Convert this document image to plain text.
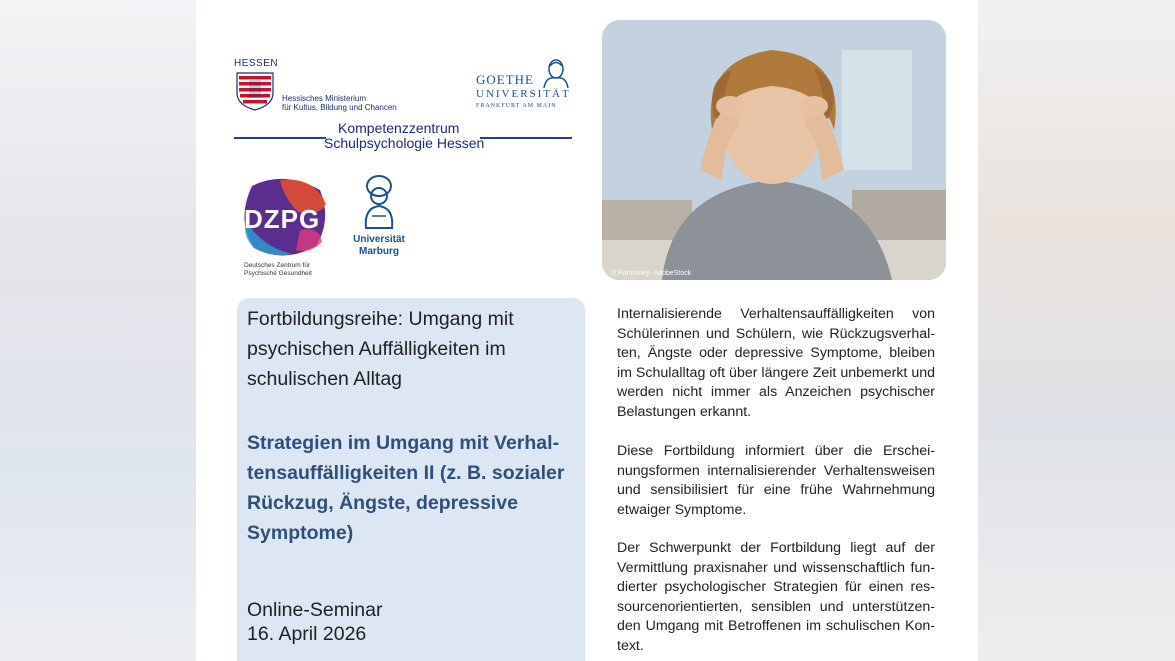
HESSEN
Hessisches Ministerium
für Kultus, Bildung und Chancen
GOETHE
UNIVERSITÄT
FRANKFURT AM MAIN
Kompetenzzentrum
Schulpsychologie Hessen
DZPG
Deutsches Zentrum für
Psychische Gesundheit
Universität
Marburg
© Formoney- AdobeStock
Fortbildungsreihe: Umgang mit psychischen Auffälligkeiten im schulischen Alltag
Strategien im Umgang mit Verhaltensauffälligkeiten II (z. B. sozialer Rückzug, Ängste, depressive Symptome)
Online-Seminar
16. April 2026

Internalisierende Verhaltensauffälligkeiten von Schülerinnen und Schülern, wie Rückzugsverhalten, Ängste oder depressive Symptome, bleiben im Schulalltag oft über längere Zeit unbemerkt und werden nicht immer als Anzeichen psychischer Belastungen erkannt.

Diese Fortbildung informiert über die Erscheinungsformen internalisierender Verhaltensweisen und sensibilisiert für eine frühe Wahrnehmung etwaiger Symptome.

Der Schwerpunkt der Fortbildung liegt auf der Vermittlung praxisnaher und wissenschaftlich fundierter psychologischer Strategien für einen ressourcenorientierten, sensiblen und unterstützenden Umgang mit Betroffenen im schulischen Kontext.
